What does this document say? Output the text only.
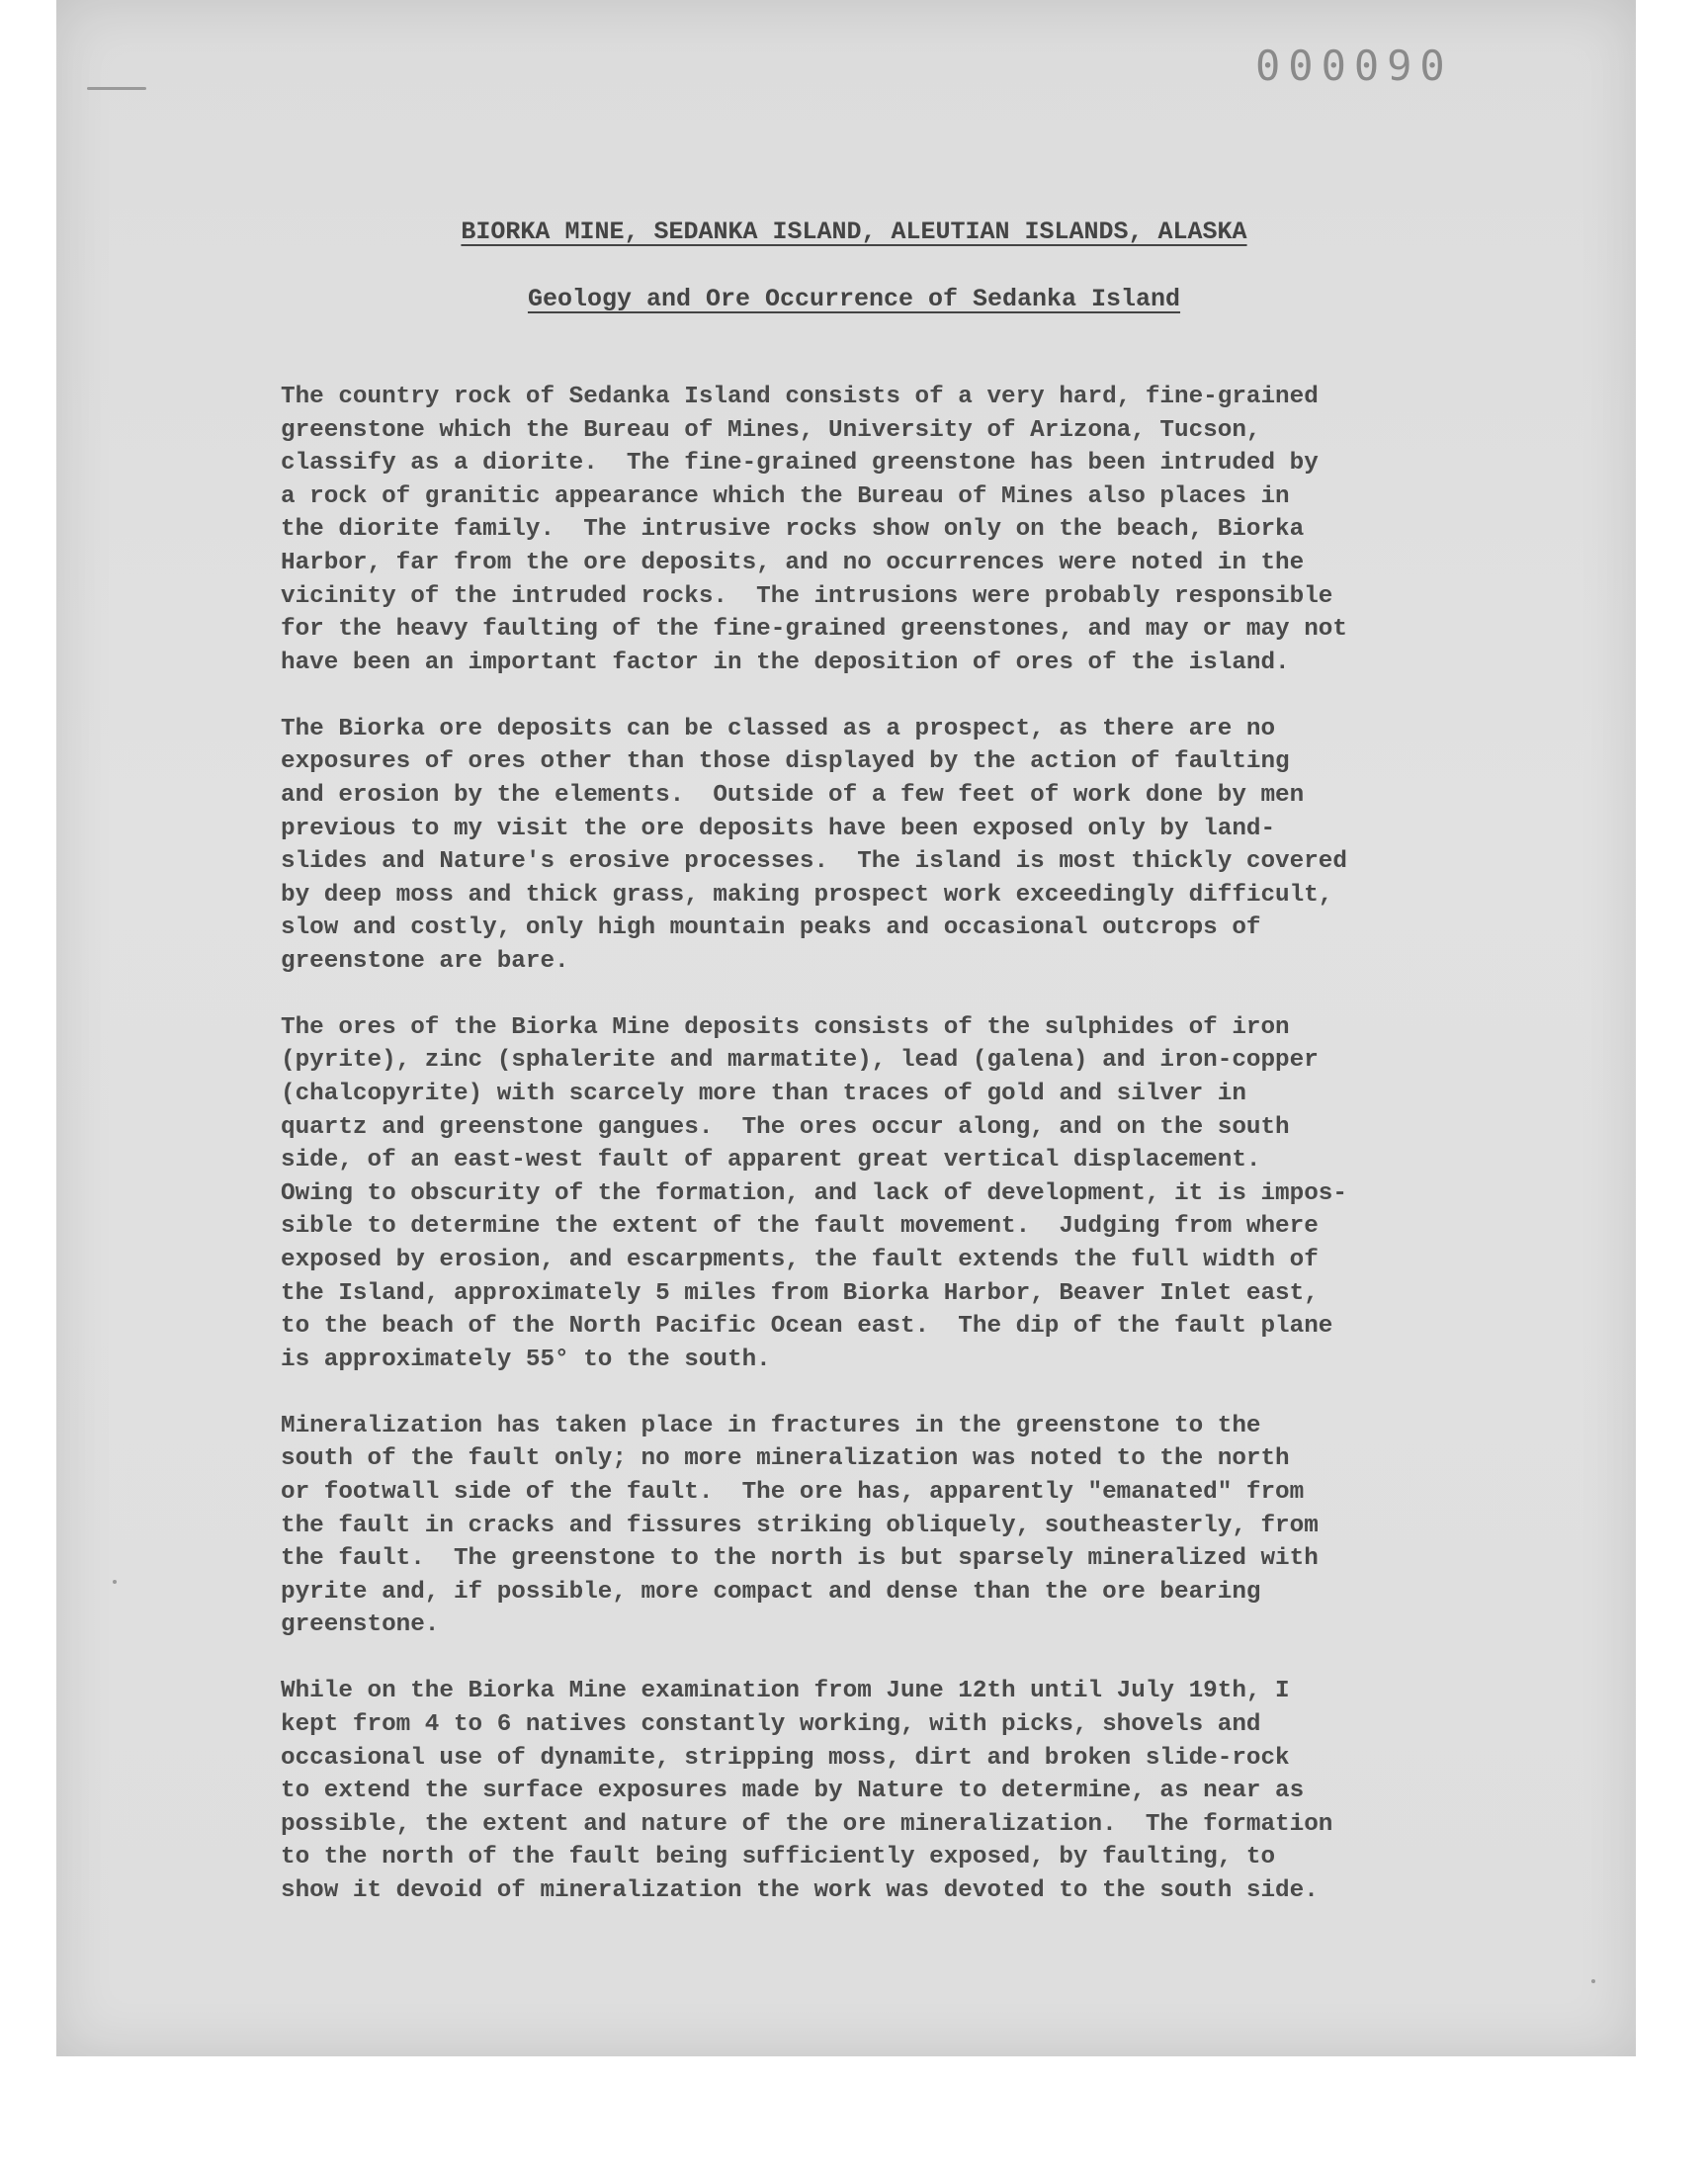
000090
BIORKA MINE, SEDANKA ISLAND, ALEUTIAN ISLANDS, ALASKA
Geology and Ore Occurrence of Sedanka Island

The country rock of Sedanka Island consists of a very hard, fine-grained
greenstone which the Bureau of Mines, University of Arizona, Tucson,
classify as a diorite.  The fine-grained greenstone has been intruded by
a rock of granitic appearance which the Bureau of Mines also places in
the diorite family.  The intrusive rocks show only on the beach, Biorka
Harbor, far from the ore deposits, and no occurrences were noted in the
vicinity of the intruded rocks.  The intrusions were probably responsible
for the heavy faulting of the fine-grained greenstones, and may or may not
have been an important factor in the deposition of ores of the island.

The Biorka ore deposits can be classed as a prospect, as there are no
exposures of ores other than those displayed by the action of faulting
and erosion by the elements.  Outside of a few feet of work done by men
previous to my visit the ore deposits have been exposed only by land-
slides and Nature's erosive processes.  The island is most thickly covered
by deep moss and thick grass, making prospect work exceedingly difficult,
slow and costly, only high mountain peaks and occasional outcrops of
greenstone are bare.

The ores of the Biorka Mine deposits consists of the sulphides of iron
(pyrite), zinc (sphalerite and marmatite), lead (galena) and iron-copper
(chalcopyrite) with scarcely more than traces of gold and silver in
quartz and greenstone gangues.  The ores occur along, and on the south
side, of an east-west fault of apparent great vertical displacement.
Owing to obscurity of the formation, and lack of development, it is impos-
sible to determine the extent of the fault movement.  Judging from where
exposed by erosion, and escarpments, the fault extends the full width of
the Island, approximately 5 miles from Biorka Harbor, Beaver Inlet east,
to the beach of the North Pacific Ocean east.  The dip of the fault plane
is approximately 55° to the south.

Mineralization has taken place in fractures in the greenstone to the
south of the fault only; no more mineralization was noted to the north
or footwall side of the fault.  The ore has, apparently "emanated" from
the fault in cracks and fissures striking obliquely, southeasterly, from
the fault.  The greenstone to the north is but sparsely mineralized with
pyrite and, if possible, more compact and dense than the ore bearing
greenstone.

While on the Biorka Mine examination from June 12th until July 19th, I
kept from 4 to 6 natives constantly working, with picks, shovels and
occasional use of dynamite, stripping moss, dirt and broken slide-rock
to extend the surface exposures made by Nature to determine, as near as
possible, the extent and nature of the ore mineralization.  The formation
to the north of the fault being sufficiently exposed, by faulting, to
show it devoid of mineralization the work was devoted to the south side.
